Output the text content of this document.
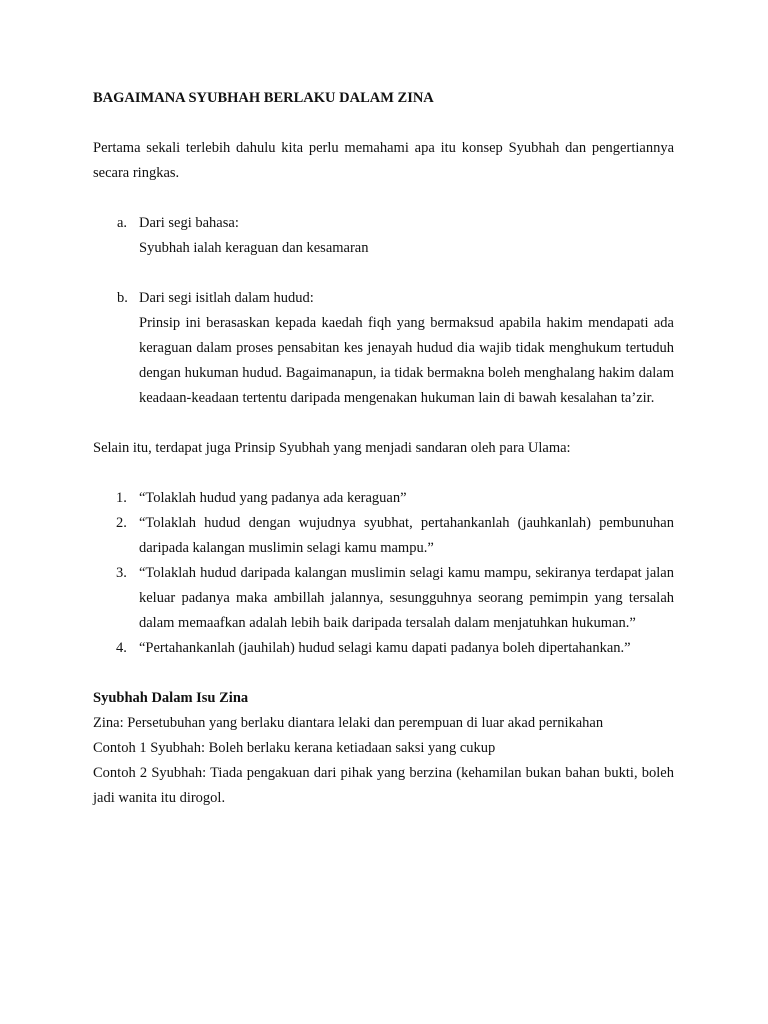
BAGAIMANA SYUBHAH BERLAKU DALAM ZINA

Pertama sekali terlebih dahulu kita perlu memahami apa itu konsep Syubhah dan pengertiannya secara ringkas.

a. Dari segi bahasa:

Syubhah ialah keraguan dan kesamaran

b. Dari segi isitlah dalam hudud:

Prinsip ini berasaskan kepada kaedah fiqh yang bermaksud apabila hakim mendapati ada keraguan dalam proses pensabitan kes jenayah hudud dia wajib tidak menghukum tertuduh dengan hukuman hudud. Bagaimanapun, ia tidak bermakna boleh menghalang hakim dalam keadaan-keadaan tertentu daripada mengenakan hukuman lain di bawah kesalahan ta’zir.

Selain itu, terdapat juga Prinsip Syubhah yang menjadi sandaran oleh para Ulama:

1. “Tolaklah hudud yang padanya ada keraguan”

2. “Tolaklah hudud dengan wujudnya syubhat, pertahankanlah (jauhkanlah) pembunuhan daripada kalangan muslimin selagi kamu mampu.”

3. “Tolaklah hudud daripada kalangan muslimin selagi kamu mampu, sekiranya terdapat jalan keluar padanya maka ambillah jalannya, sesungguhnya seorang pemimpin yang tersalah dalam memaafkan adalah lebih baik daripada tersalah dalam menjatuhkan hukuman.”

4. “Pertahankanlah (jauhilah) hudud selagi kamu dapati padanya boleh dipertahankan.”

Syubhah Dalam Isu Zina

Zina: Persetubuhan yang berlaku diantara lelaki dan perempuan di luar akad pernikahan

Contoh 1 Syubhah: Boleh berlaku kerana ketiadaan saksi yang cukup

Contoh 2 Syubhah: Tiada pengakuan dari pihak yang berzina (kehamilan bukan bahan bukti, boleh jadi wanita itu dirogol.
